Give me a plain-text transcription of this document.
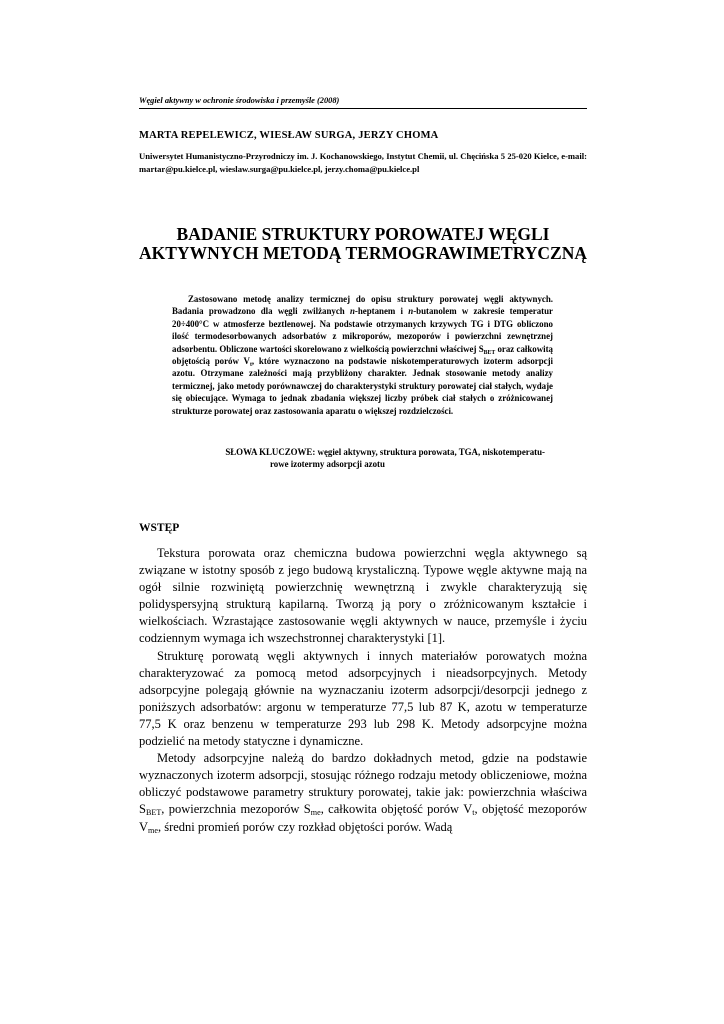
Węgiel aktywny w ochronie środowiska i przemyśle (2008)
MARTA REPELEWICZ, WIESŁAW SURGA, JERZY CHOMA
Uniwersytet Humanistyczno-Przyrodniczy im. J. Kochanowskiego, Instytut Chemii, ul. Chęcińska 5 25-020 Kielce, e-mail: martar@pu.kielce.pl, wieslaw.surga@pu.kielce.pl, jerzy.choma@pu.kielce.pl
BADANIE STRUKTURY POROWATEJ WĘGLI
AKTYWNYCH METODĄ TERMOGRAWIMETRYCZNĄ

Zastosowano metodę analizy termicznej do opisu struktury porowatej węgli aktywnych. Badania prowadzono dla węgli zwilżanych n-heptanem i n-butanolem w zakresie temperatur 20÷400°C w atmosferze beztlenowej. Na podstawie otrzymanych krzywych TG i DTG obliczono ilość termodesorbowanych adsorbatów z mikroporów, mezoporów i powierzchni zewnętrznej adsorbentu. Obliczone wartości skorelowano z wielkością powierzchni właściwej $S_{BET}$ oraz całkowitą objętością porów $V_t$, które wyznaczono na podstawie niskotemperaturowych izoterm adsorpcji azotu. Otrzymane zależności mają przybliżony charakter. Jednak stosowanie metody analizy termicznej, jako metody porównawczej do charakterystyki struktury porowatej ciał stałych, wydaje się obiecujące. Wymaga to jednak zbadania większej liczby próbek ciał stałych o zróżnicowanej strukturze porowatej oraz zastosowania aparatu o większej rozdzielczości.

SŁOWA KLUCZOWE: węgiel aktywny, struktura porowata, TGA, niskotemperatu-
rowe izotermy adsorpcji azotu
WSTĘP

Tekstura porowata oraz chemiczna budowa powierzchni węgla aktywnego są związane w istotny sposób z jego budową krystaliczną. Typowe węgle aktywne mają na ogół silnie rozwiniętą powierzchnię wewnętrzną i zwykle charakteryzują się polidyspersyjną strukturą kapilarną. Tworzą ją pory o zróżnicowanym kształcie i wielkościach. Wzrastające zastosowanie węgli aktywnych w nauce, przemyśle i życiu codziennym wymaga ich wszechstronnej charakterystyki [1].

Strukturę porowatą węgli aktywnych i innych materiałów porowatych można charakteryzować za pomocą metod adsorpcyjnych i nieadsorpcyjnych. Metody adsorpcyjne polegają głównie na wyznaczaniu izoterm adsorpcji/desorpcji jednego z poniższych adsorbatów: argonu w temperaturze 77,5 lub 87 K, azotu w temperaturze 77,5 K oraz benzenu w temperaturze 293 lub 298 K. Metody adsorpcyjne można podzielić na metody statyczne i dynamiczne.

Metody adsorpcyjne należą do bardzo dokładnych metod, gdzie na podstawie wyznaczonych izoterm adsorpcji, stosując różnego rodzaju metody obliczeniowe, można obliczyć podstawowe parametry struktury porowatej, takie jak: powierzchnia właściwa $S_{BET}$, powierzchnia mezoporów $S_{me}$, całkowita objętość porów $V_t$, objętość mezoporów $V_{me}$, średni promień porów czy rozkład objętości porów. Wadą
